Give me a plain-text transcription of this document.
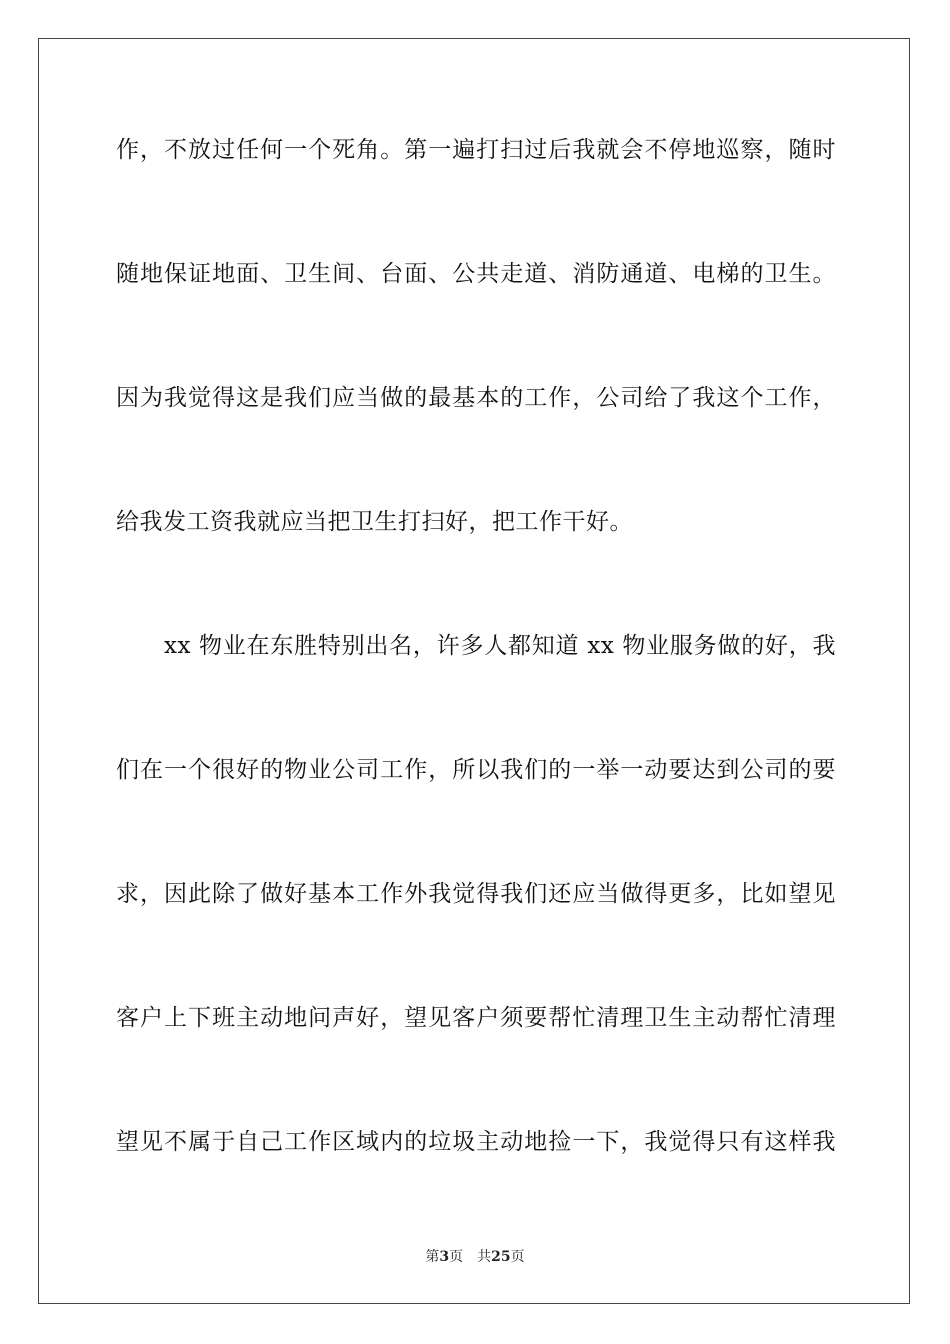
作，不放过任何一个死角。第一遍打扫过后我就会不停地巡察，随时
随地保证地面、卫生间、台面、公共走道、消防通道、电梯的卫生。
因为我觉得这是我们应当做的最基本的工作，公司给了我这个工作，
给我发工资我就应当把卫生打扫好，把工作干好。
xx 物业在东胜特别出名，许多人都知道 xx 物业服务做的好，我
们在一个很好的物业公司工作，所以我们的一举一动要达到公司的要
求，因此除了做好基本工作外我觉得我们还应当做得更多，比如望见
客户上下班主动地问声好，望见客户须要帮忙清理卫生主动帮忙清理
望见不属于自己工作区域内的垃圾主动地捡一下，我觉得只有这样我
第3页 共25页
